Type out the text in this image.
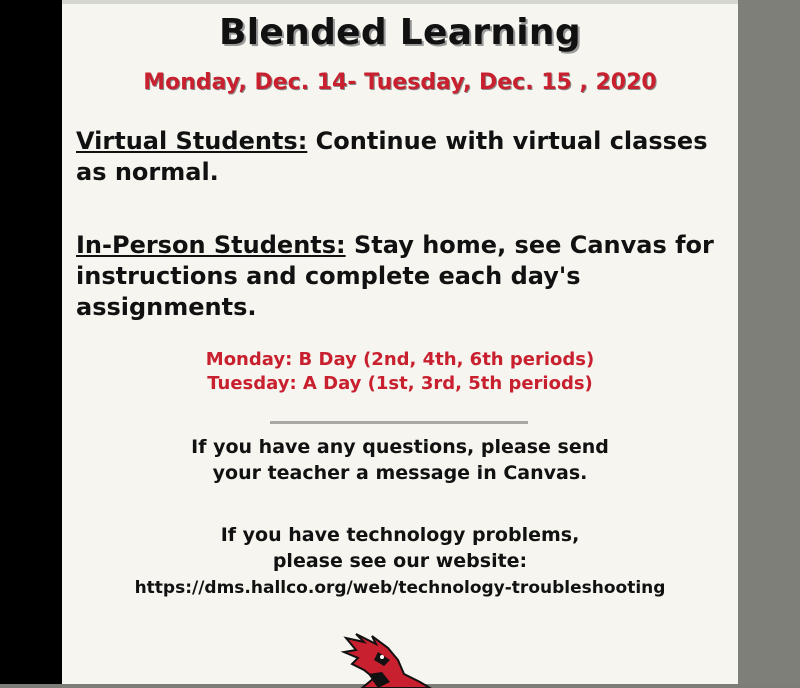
Blended Learning
Monday, Dec. 14- Tuesday, Dec. 15 , 2020
Virtual Students: Continue with virtual classes as normal.
In-Person Students: Stay home, see Canvas for instructions and complete each day's assignments.
Monday: B Day (2nd, 4th, 6th periods)
Tuesday: A Day (1st, 3rd, 5th periods)
If you have any questions, please send
your teacher a message in Canvas.
If you have technology problems,
please see our website:
https://dms.hallco.org/web/technology-troubleshooting
